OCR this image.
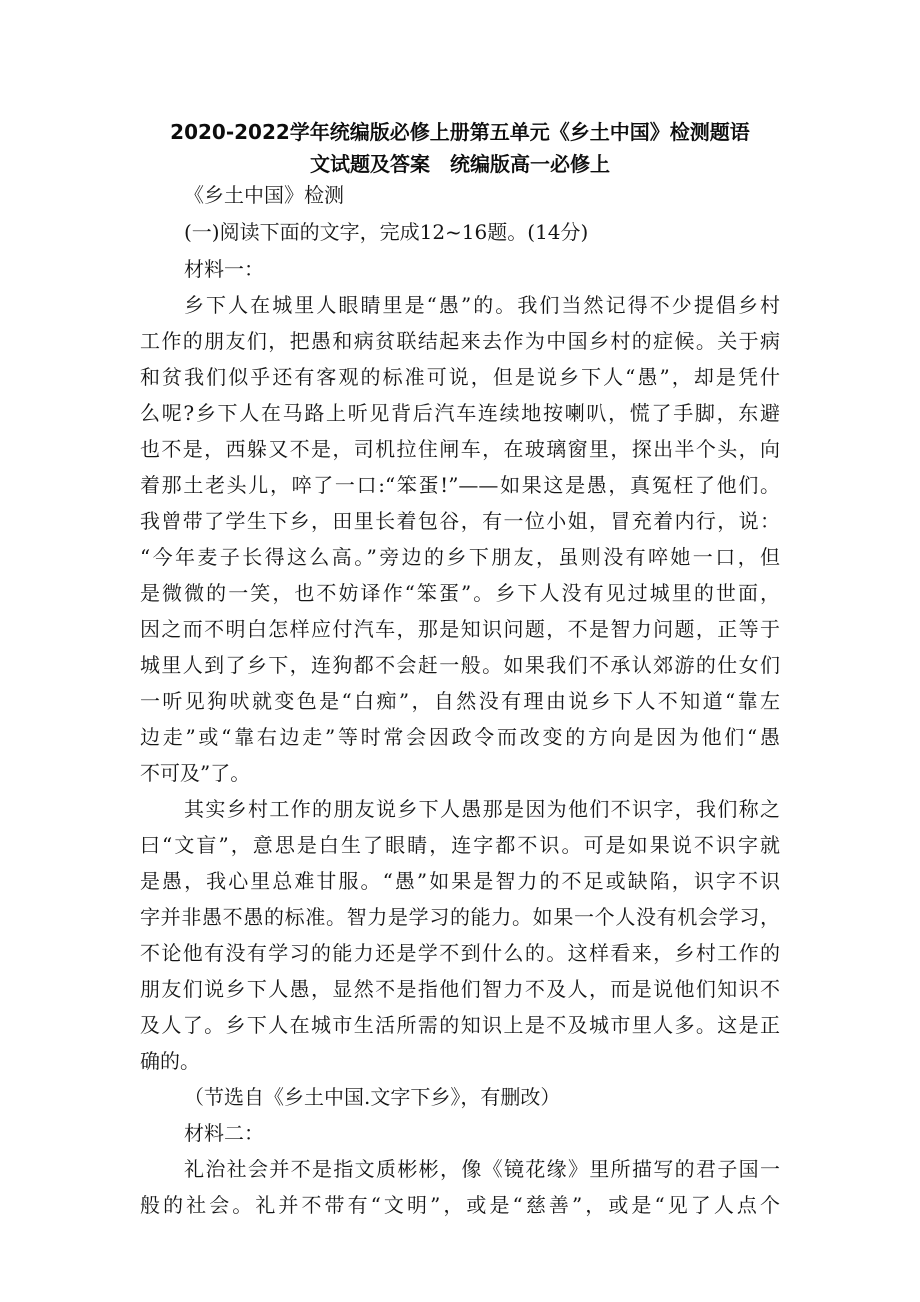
2020-2022学年统编版必修上册第五单元《乡土中国》检测题语
文试题及答案　统编版高一必修上
《乡土中国》检测
(一)阅读下面的文字，完成12~16题。(14分)
材料一：
乡下人在城里人眼睛里是“愚”的。我们当然记得不少提倡乡村
工作的朋友们，把愚和病贫联结起来去作为中国乡村的症候。关于病
和贫我们似乎还有客观的标准可说，但是说乡下人“愚”，却是凭什
么呢?乡下人在马路上听见背后汽车连续地按喇叭，慌了手脚，东避
也不是，西躲又不是，司机拉住闸车，在玻璃窗里，探出半个头，向
着那土老头儿，啐了一口:“笨蛋!”——如果这是愚，真冤枉了他们。
我曾带了学生下乡，田里长着包谷，有一位小姐，冒充着内行，说：
“今年麦子长得这么高。”旁边的乡下朋友，虽则没有啐她一口，但
是微微的一笑，也不妨译作“笨蛋”。乡下人没有见过城里的世面，
因之而不明白怎样应付汽车，那是知识问题，不是智力问题，正等于
城里人到了乡下，连狗都不会赶一般。如果我们不承认郊游的仕女们
一听见狗吠就变色是“白痴”，自然没有理由说乡下人不知道“靠左
边走”或“靠右边走”等时常会因政令而改变的方向是因为他们“愚
不可及”了。
其实乡村工作的朋友说乡下人愚那是因为他们不识字，我们称之
曰“文盲”，意思是白生了眼睛，连字都不识。可是如果说不识字就
是愚，我心里总难甘服。“愚”如果是智力的不足或缺陷，识字不识
字并非愚不愚的标准。智力是学习的能力。如果一个人没有机会学习，
不论他有没有学习的能力还是学不到什么的。这样看来，乡村工作的
朋友们说乡下人愚，显然不是指他们智力不及人，而是说他们知识不
及人了。乡下人在城市生活所需的知识上是不及城市里人多。这是正
确的。
（节选自《乡土中国.文字下乡》，有删改）
材料二：
礼治社会并不是指文质彬彬，像《镜花缘》里所描写的君子国一
般的社会。礼并不带有“文明”，或是“慈善”，或是“见了人点个
